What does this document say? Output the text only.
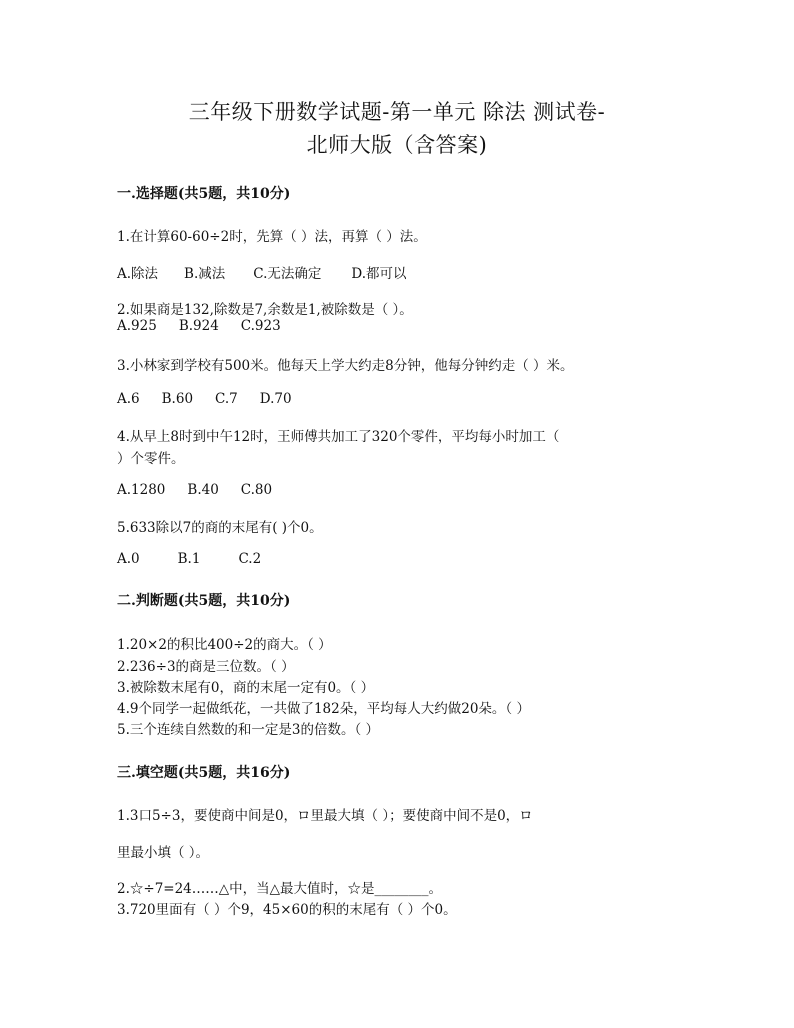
三年级下册数学试题-第一单元 除法 测试卷-
北师大版（含答案)
一.选择题(共5题，共10分)
1.在计算60-60÷2时，先算（ ）法，再算（ ）法。
A.除法 B.减法 C.无法确定 D.都可以
2.如果商是132,除数是7,余数是1,被除数是（ ）。
A.925 B.924 C.923
3.小林家到学校有500米。他每天上学大约走8分钟，他每分钟约走（ ）米。
A.6 B.60 C.7 D.70
4.从早上8时到中午12时，王师傅共加工了320个零件，平均每小时加工（
）个零件。
A.1280 B.40 C.80
5.633除以7的商的末尾有( )个0。
A.0	B.1	C.2
二.判断题(共5题，共10分)
1.20×2的积比400÷2的商大。（ ）
2.236÷3的商是三位数。（ ）
3.被除数末尾有0，商的末尾一定有0。（ ）
4.9个同学一起做纸花，一共做了182朵，平均每人大约做20朵。（ ）
5.三个连续自然数的和一定是3的倍数。（ ）
三.填空题(共5题，共16分)
1.3口5÷3，要使商中间是0，ロ里最大填（ ）；要使商中间不是0，ロ
里最小填（ ）。
2.☆÷7=24……△中，当△最大值时，☆是________。
3.720里面有（ ）个9，45×60的积的末尾有（ ）个0。
